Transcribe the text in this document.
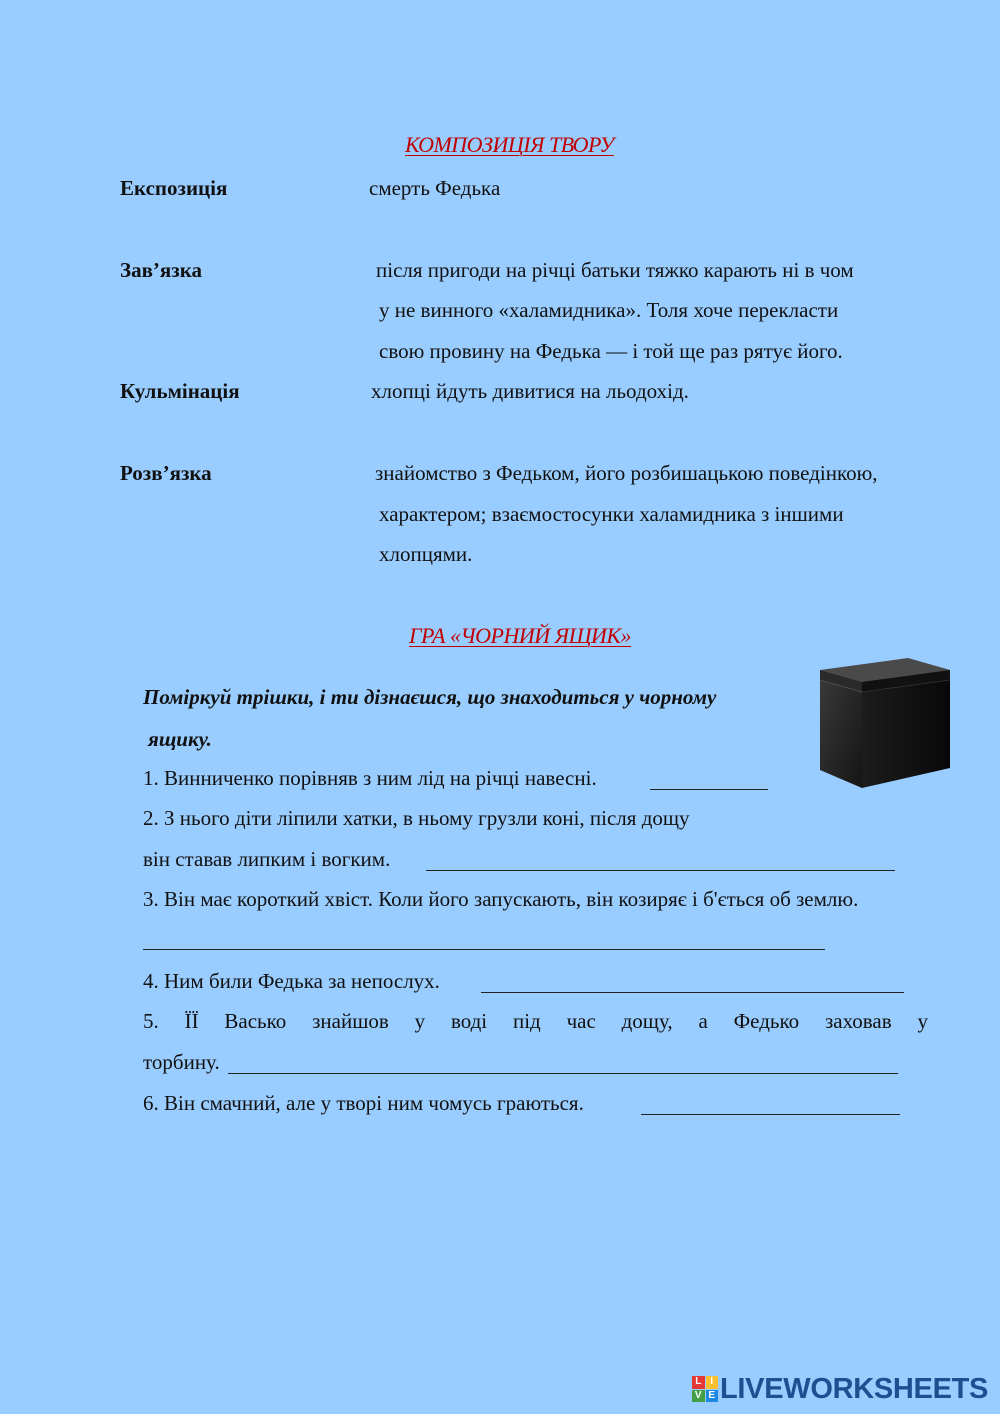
КОМПОЗИЦІЯ ТВОРУ
Експозиція	смерть Федька
Зав’язка	після пригоди на річці батьки тяжко карають ні в чом
у не винного «халамидника». Толя хоче перекласти
свою провину на Федька — і той ще раз рятує його.
Кульмінація	хлопці йдуть дивитися на льодохід.
Розв’язка	знайомство з Федьком, його розбишацькою поведінкою,
характером; взаємостосунки халамидника з іншими
хлопцями.
ГРА «ЧОРНИЙ ЯЩИК»
Поміркуй трішки, і ти дізнаєшся, що знаходиться у чорному
ящику.
1. Винниченко порівняв з ним лід на річці навесні.
2. З нього діти ліпили хатки, в ньому грузли коні, після дощу
він ставав липким і вогким.
3. Він має короткий хвіст. Коли його запускають, він козиряє і б'ється об землю.
4. Ним били Федька за непослух.
5. ЇЇ Васько знайшов у воді під час дощу, а Федько заховав у
торбину.
6. Він смачний, але у творі ним чомусь граються.
L I
V E LIVEWORKSHEETS
